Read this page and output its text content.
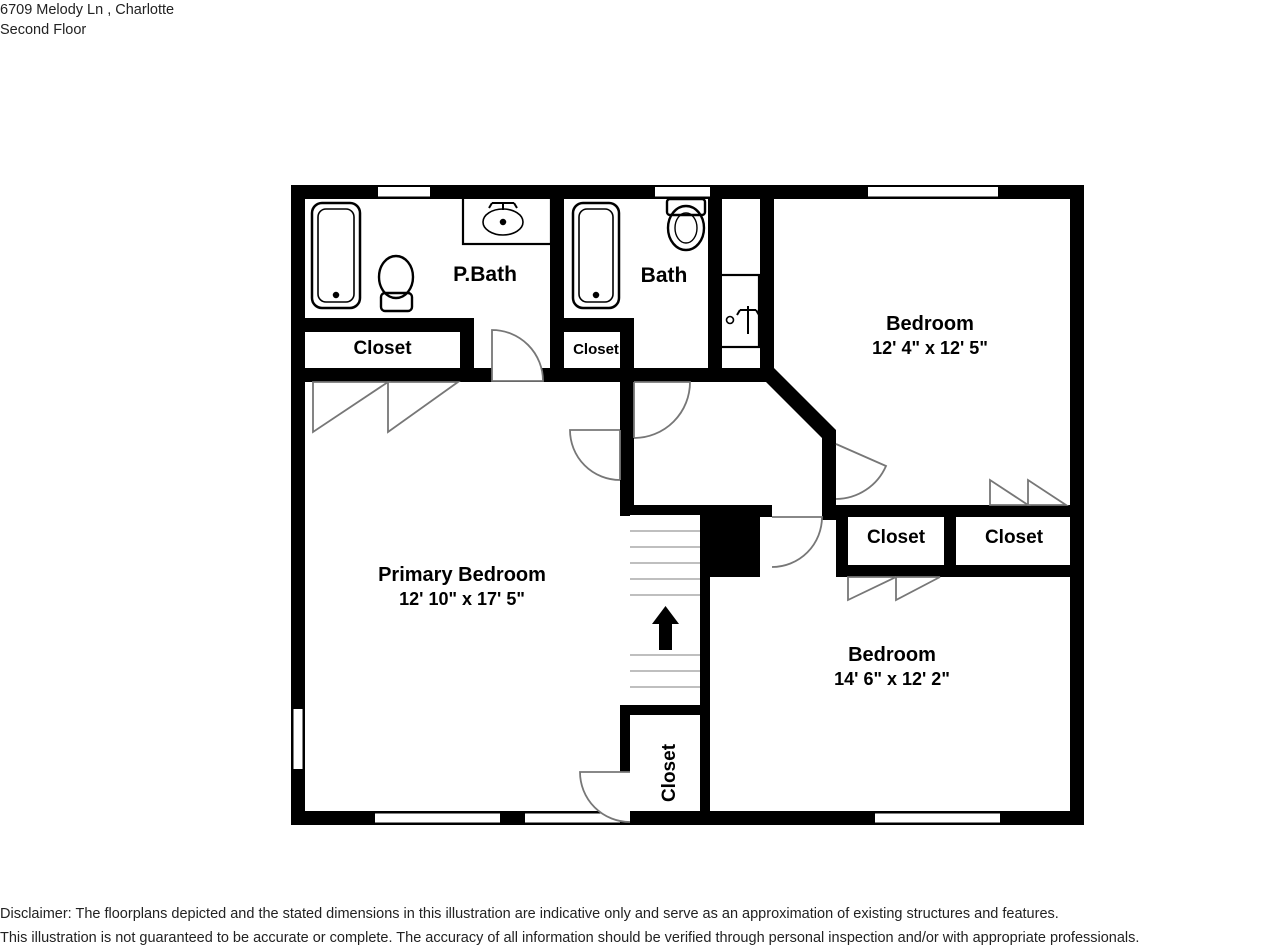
6709 Melody Ln , Charlotte
Second Floor
Primary Bedroom
12' 10" x 17' 5"
Bedroom
12' 4" x 12' 5"
Bedroom
14' 6" x 12' 2"
P.Bath	Bath
Closet	Closet
Closet	Closet
Closet
Disclaimer: The floorplans depicted and the stated dimensions in this illustration are indicative only and serve as an approximation of existing structures and features.
This illustration is not guaranteed to be accurate or complete. The accuracy of all information should be verified through personal inspection and/or with appropriate professionals.
